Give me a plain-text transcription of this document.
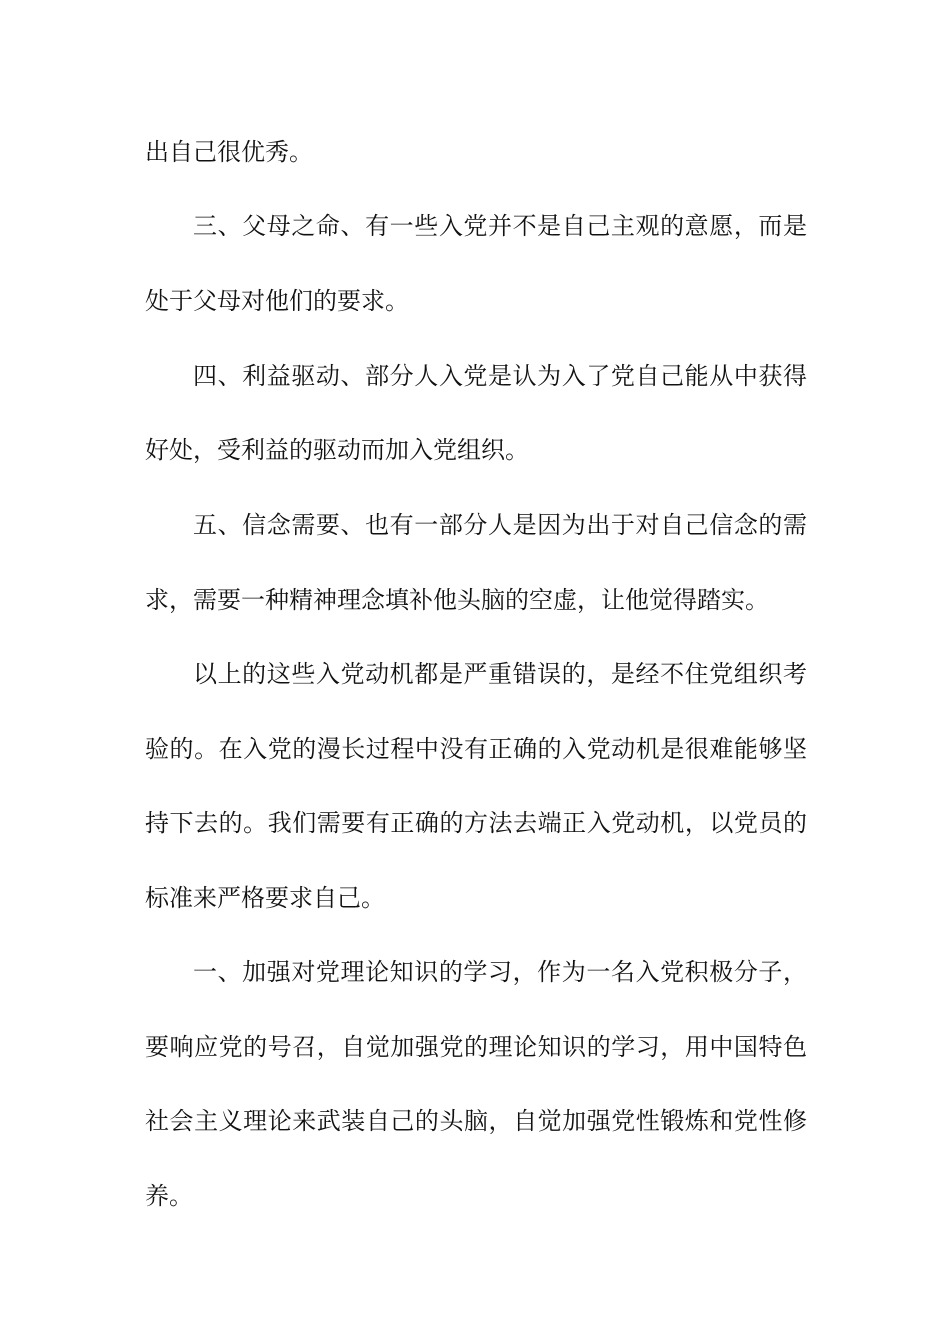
出自己很优秀。
三、父母之命、有一些入党并不是自己主观的意愿，而是
处于父母对他们的要求。
四、利益驱动、部分人入党是认为入了党自己能从中获得
好处，受利益的驱动而加入党组织。
五、信念需要、也有一部分人是因为出于对自己信念的需
求，需要一种精神理念填补他头脑的空虚，让他觉得踏实。
以上的这些入党动机都是严重错误的，是经不住党组织考
验的。在入党的漫长过程中没有正确的入党动机是很难能够坚
持下去的。我们需要有正确的方法去端正入党动机，以党员的
标准来严格要求自己。
一、加强对党理论知识的学习，作为一名入党积极分子，
要响应党的号召，自觉加强党的理论知识的学习，用中国特色
社会主义理论来武装自己的头脑，自觉加强党性锻炼和党性修
养。
